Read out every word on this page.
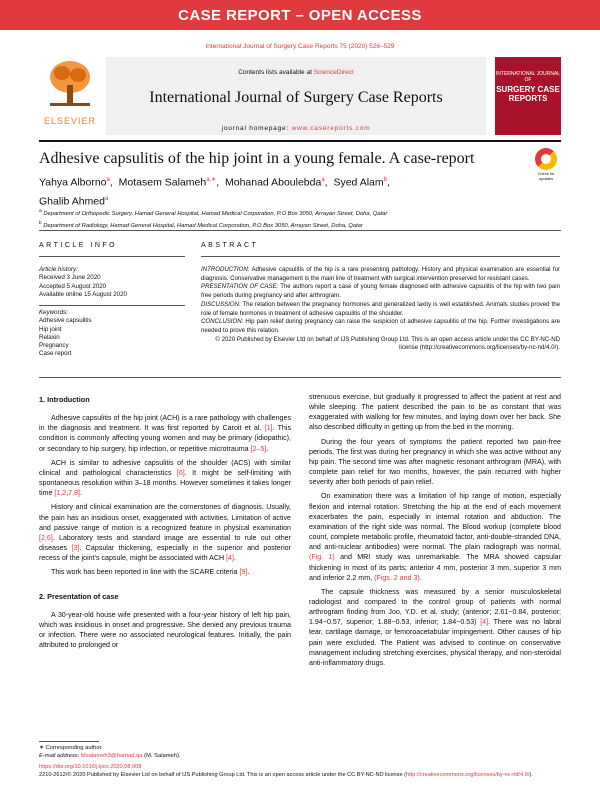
CASE REPORT – OPEN ACCESS
International Journal of Surgery Case Reports 75 (2020) 526–529
ELSEVIER
Contents lists available at ScienceDirect
International Journal of Surgery Case Reports
journal homepage: www.casereports.com
INTERNATIONAL JOURNAL OF
SURGERY CASE REPORTS
Adhesive capsulitis of the hip joint in a young female. A case-report
Check for updates
Yahya Alborno$^a$,  Motasem Salameh$^{a,∗}$,  Mohanad Aboulebda$^a$,  Syed Alam$^b$,
Ghalib Ahmed$^a$
$^a$ Department of Orthopedic Surgery, Hamad General Hospital, Hamad Medical Corporation, P.O Box 3050, Arrayan Street, Doha, Qatar
$^b$ Department of Radiology, Hamad General Hospital, Hamad Medical Corporation, P.O Box 3050, Arrayan Street, Doha, Qatar
ARTICLE INFO	ABSTRACT
Article history:
Received 3 June 2020
Accepted 5 August 2020
Available online 15 August 2020
Keywords:
Adhesive capsulitis
Hip joint
Relaxin
Pregnancy
Case report

INTRODUCTION: Adhesive capsulitis of the hip is a rare presenting pathology. History and physical examination are essential for diagnosis. Conservative management is the main line of treatment with surgical intervention preserved for resistant cases.

PRESENTATION OF CASE: The authors report a case of young female diagnosed with adhesive capsulitis of the hip with two pain free periods during pregnancy and after arthrogram.

DISCUSSION: The relation between the pregnancy hormones and generalized laxity is well established. Animals studies proved the role of female hormones in treatment of adhesive capsulitis of the shoulder.

CONCLUSION: Hip pain relief during pregnancy can raise the suspicion of adhesive capsulitis of the hip. Further investigations are needed to prove this relation.

© 2020 Published by Elsevier Ltd on behalf of IJS Publishing Group Ltd. This is an open access article under the CC BY-NC-ND license (http://creativecommons.org/licenses/by-nc-nd/4.0/).

1. Introduction

Adhesive capsulitis of the hip joint (ACH) is a rare pathology with challenges in the diagnosis and treatment. It was first reported by Caroit et al. [1]. This condition is commonly affecting young women and may be primary (idiopathic), or secondary to hip surgery, hip infection, or repetitive microtrauma [2–5].

ACH is similar to adhesive capsulitis of the shoulder (ACS) with similar clinical and pathological characteristics [6]. It might be self-limiting with spontaneous resolution within 3–18 months. However sometimes it takes longer time [1,2,7,8].

History and clinical examination are the cornerstones of diagnosis. Usually, the pain has an insidious onset, exaggerated with activities. Limitation of active and passive range of motion is a recognized feature in physical examination [2,6]. Laboratory tests and standard image are essential to rule out other diseases [3]. Capsular thickening, especially in the superior and posterior recess of the joint's capsule, might be associated with ACH [4].

This work has been reported in line with the SCARE criteria [9].

2. Presentation of case

A 30-year-old house wife presented with a four-year history of left hip pain, which was insidious in onset and progressive. She denied any previous trauma or infection. There were no associated neurological features. Initially, the pain attributed to prolonged or

strenuous exercise, but gradually it progressed to affect the patient at rest and while sleeping. The patient described the pain to be as constant that was exaggerated with walking for few minutes, and laying down over her back. She also described difficulty in getting up from the bed in the morning.

During the four years of symptoms the patient reported two pain-free periods. The first was during her pregnancy in which she was active without any hip pain. The second time was after magnetic resonant arthrogram (MRA), with complete pain relief for two months, however, the pain recurred with higher severity after both periods of pain relief.

On examination there was a limitation of hip range of motion, especially flexion and internal rotation. Stretching the hip at the end of each movement exacerbates the pain, especially in internal rotation and abduction. The examination of the right side was normal. The Blood workup (complete blood count, complete metabolic profile, rheumatoid factor, anti-double-stranded DNA, and anti-nuclear antibodies) were normal. The plain radiograph was normal, (Fig. 1) and MRI study was unremarkable. The MRA showed capsular thickening in most of its parts; anterior 4 mm, posterior 3 mm, superior 3 mm and inferior 2.2 mm, (Figs. 2 and 3).

The capsule thickness was measured by a senior musculoskeletal radiologist and compared to the control group of patients with normal arthrogram finding from Joo, Y.D. et al. study; (anterior; 2.61−0.84, posterior; 1.94−0.57, superior; 1.88−0.53, inferior; 1.84−0.53) [4]. There was no labral tear, cartilage damage, or femoroacetabular impingement. Other causes of hip pain were excluded. The Patient was advised to continue on conservative management including stretching exercises, physical therapy, and non-steroidal anti-inflammatory drugs.

∗ Corresponding author.
E-mail address: Msalameh3@hamad.qa (M. Salameh).
https://doi.org/10.1016/j.ijscr.2020.08.008
2210-2612/© 2020 Published by Elsevier Ltd on behalf of IJS Publishing Group Ltd. This is an open access article under the CC BY-NC-ND license (http://creativecommons.org/licenses/by-nc-nd/4.0/).
